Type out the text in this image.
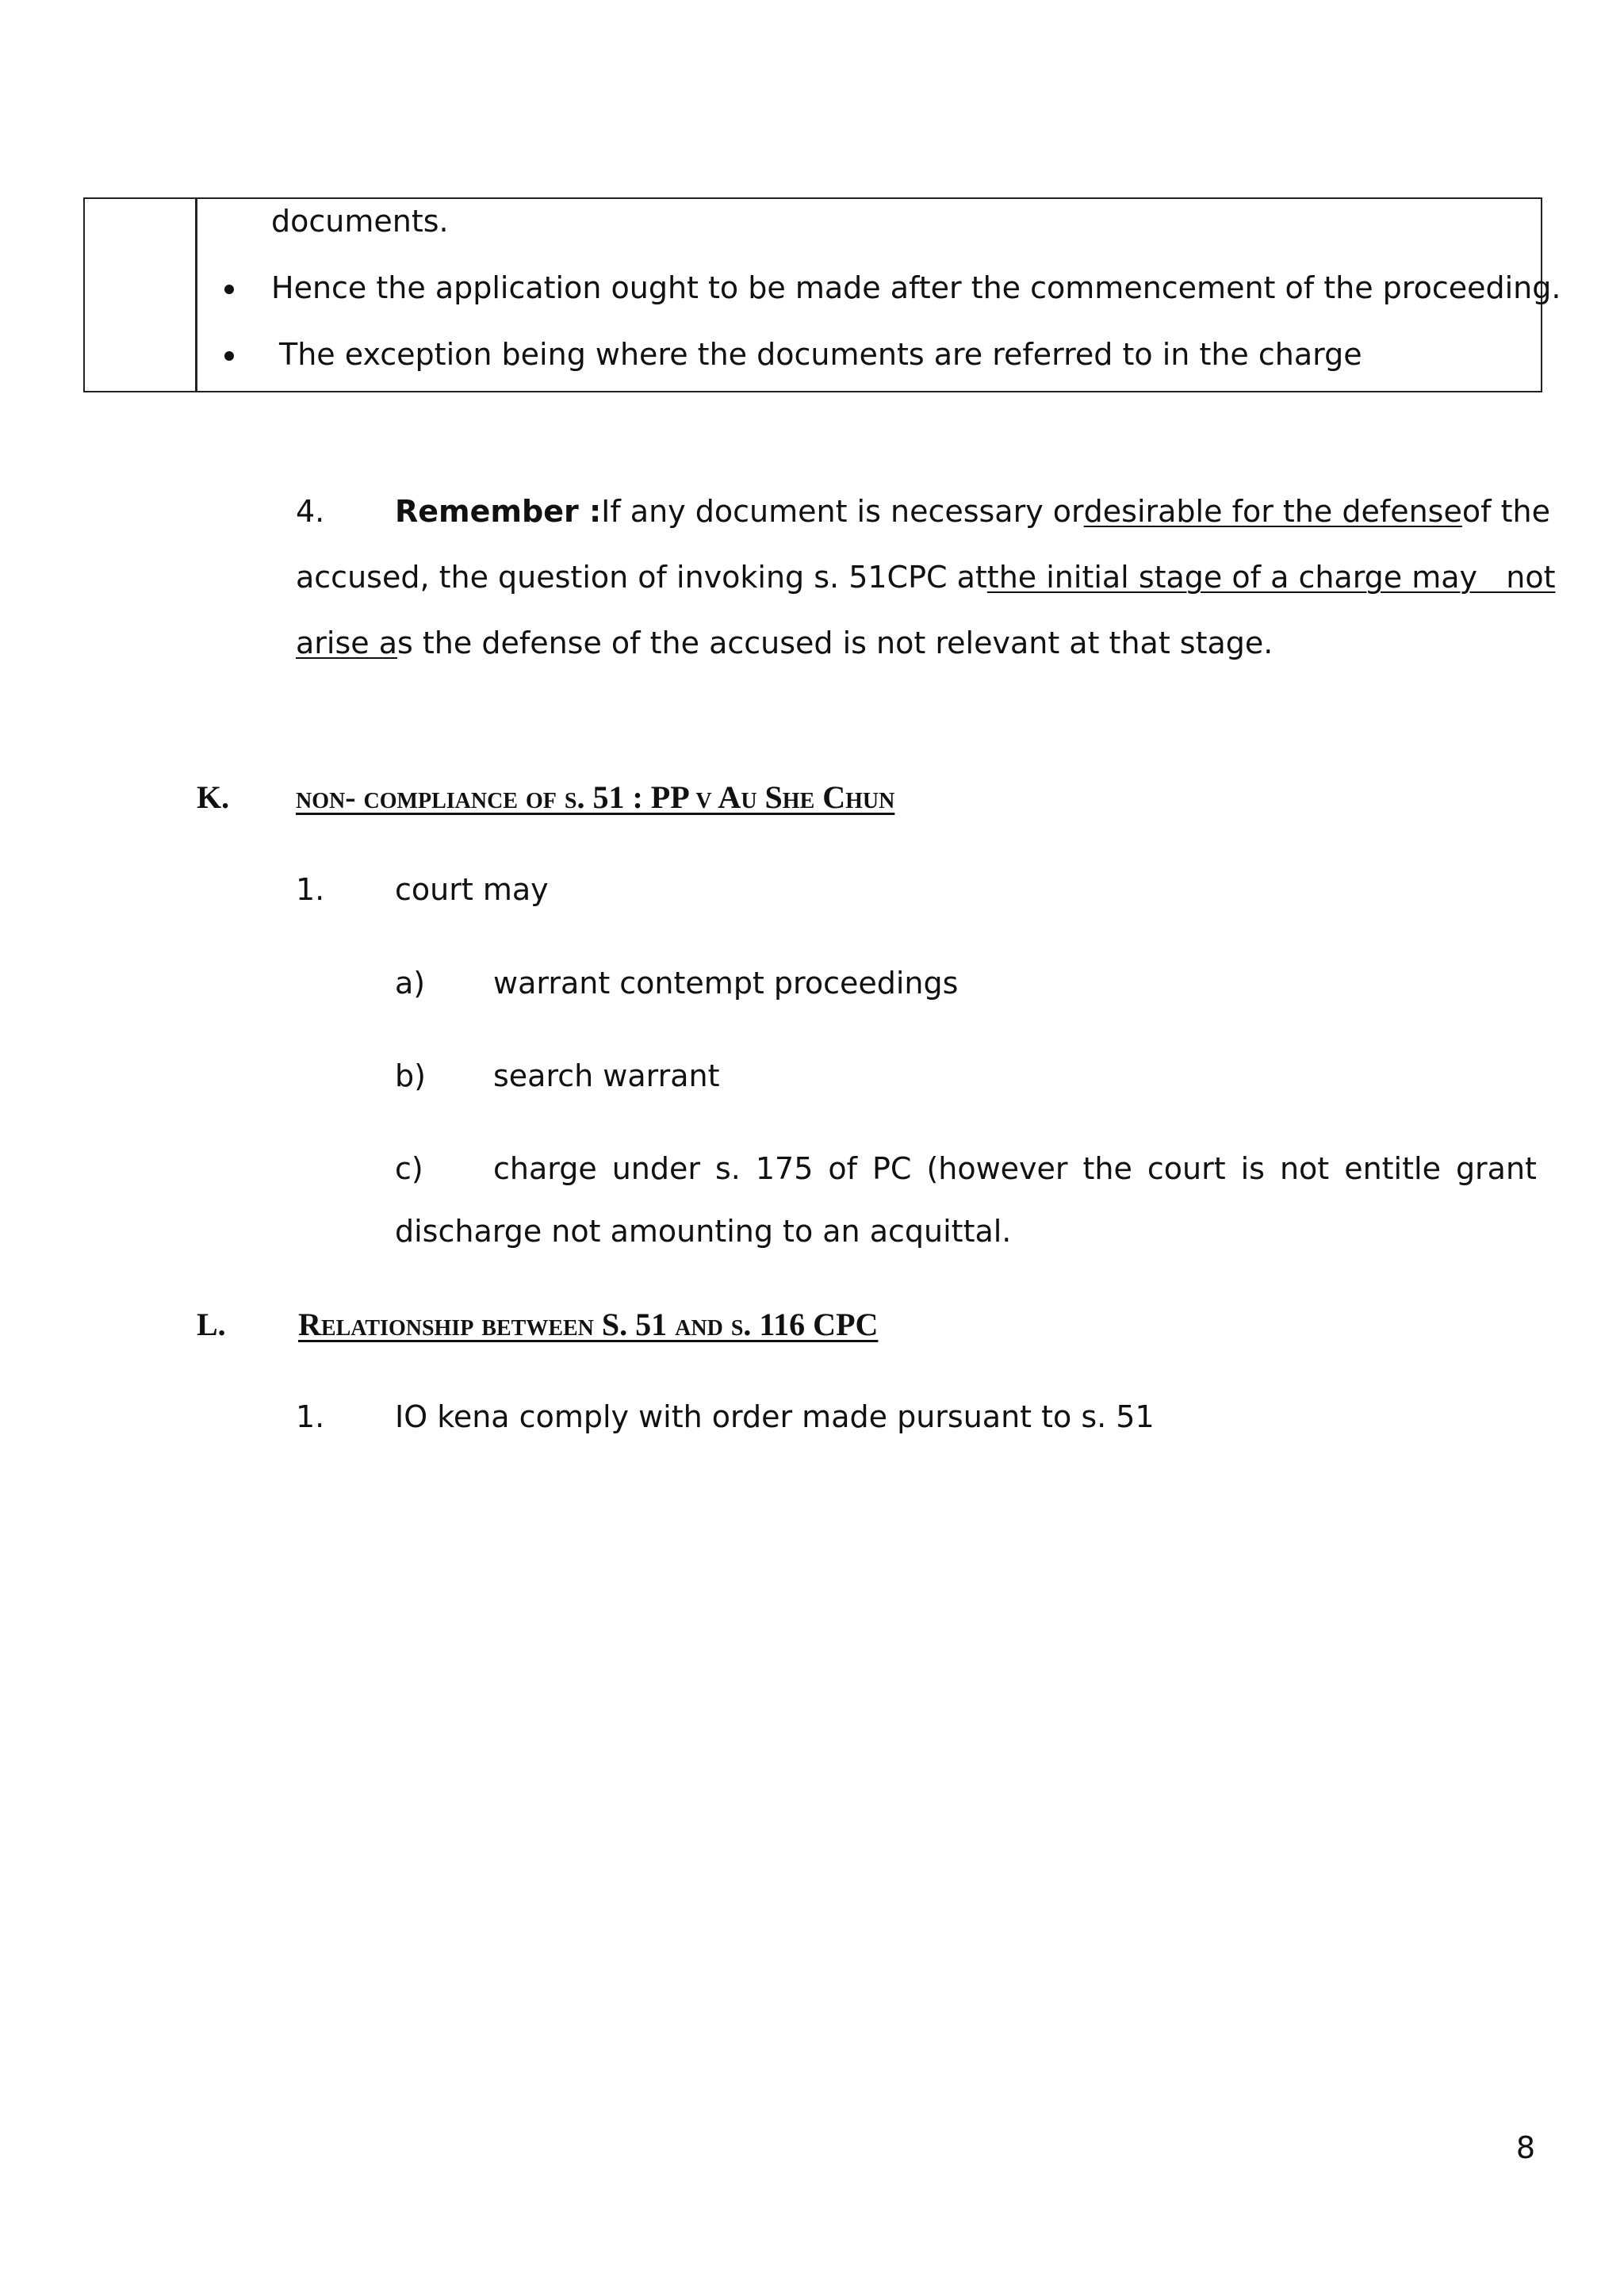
documents.
Hence the application ought to be made after the commencement of the proceeding.
The exception being where the documents are referred to in the charge
4. Remember : If any document is necessary or desirable for the defense of the
accused, the question of invoking s. 51CPC at the initial stage of a charge may   not
arise as the defense of the accused is not relevant at that stage.
K. non- compliance of s. 51 : PP v Au She Chun
1. court may
a) warrant contempt proceedings
b) search warrant
c) charge under s. 175 of PC (however the court is not entitle grant
discharge not amounting to an acquittal.
L. Relationship between S. 51 and s. 116 CPC
1. IO kena comply with order made pursuant to s. 51
8
